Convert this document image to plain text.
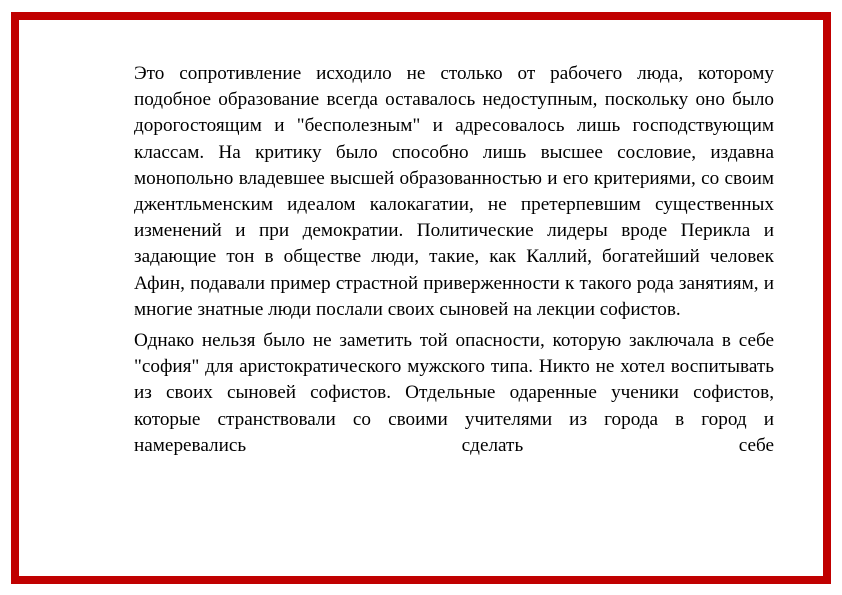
Это сопротивление исходило не столько от рабочего люда, которому подобное образование всегда оставалось недоступным, поскольку оно было дорогостоящим и "бесполезным" и адресовалось лишь господствующим классам. На критику было способно лишь высшее сословие, издавна монопольно владевшее высшей образованностью и его критериями, со своим джентльменским идеалом калокагатии, не претерпевшим существенных изменений и при демократии. Политические лидеры вроде Перикла и задающие тон в обществе люди, такие, как Каллий, богатейший человек Афин, подавали пример страстной приверженности к такого рода занятиям, и многие знатные люди послали своих сыновей на лекции софистов.

Однако нельзя было не заметить той опасности, которую заключала в себе "софия" для аристократического мужского типа. Никто не хотел воспитывать из своих сыновей софистов. Отдельные одаренные ученики софистов, которые странствовали со своими учителями из города в город и намеревались сделать себе
